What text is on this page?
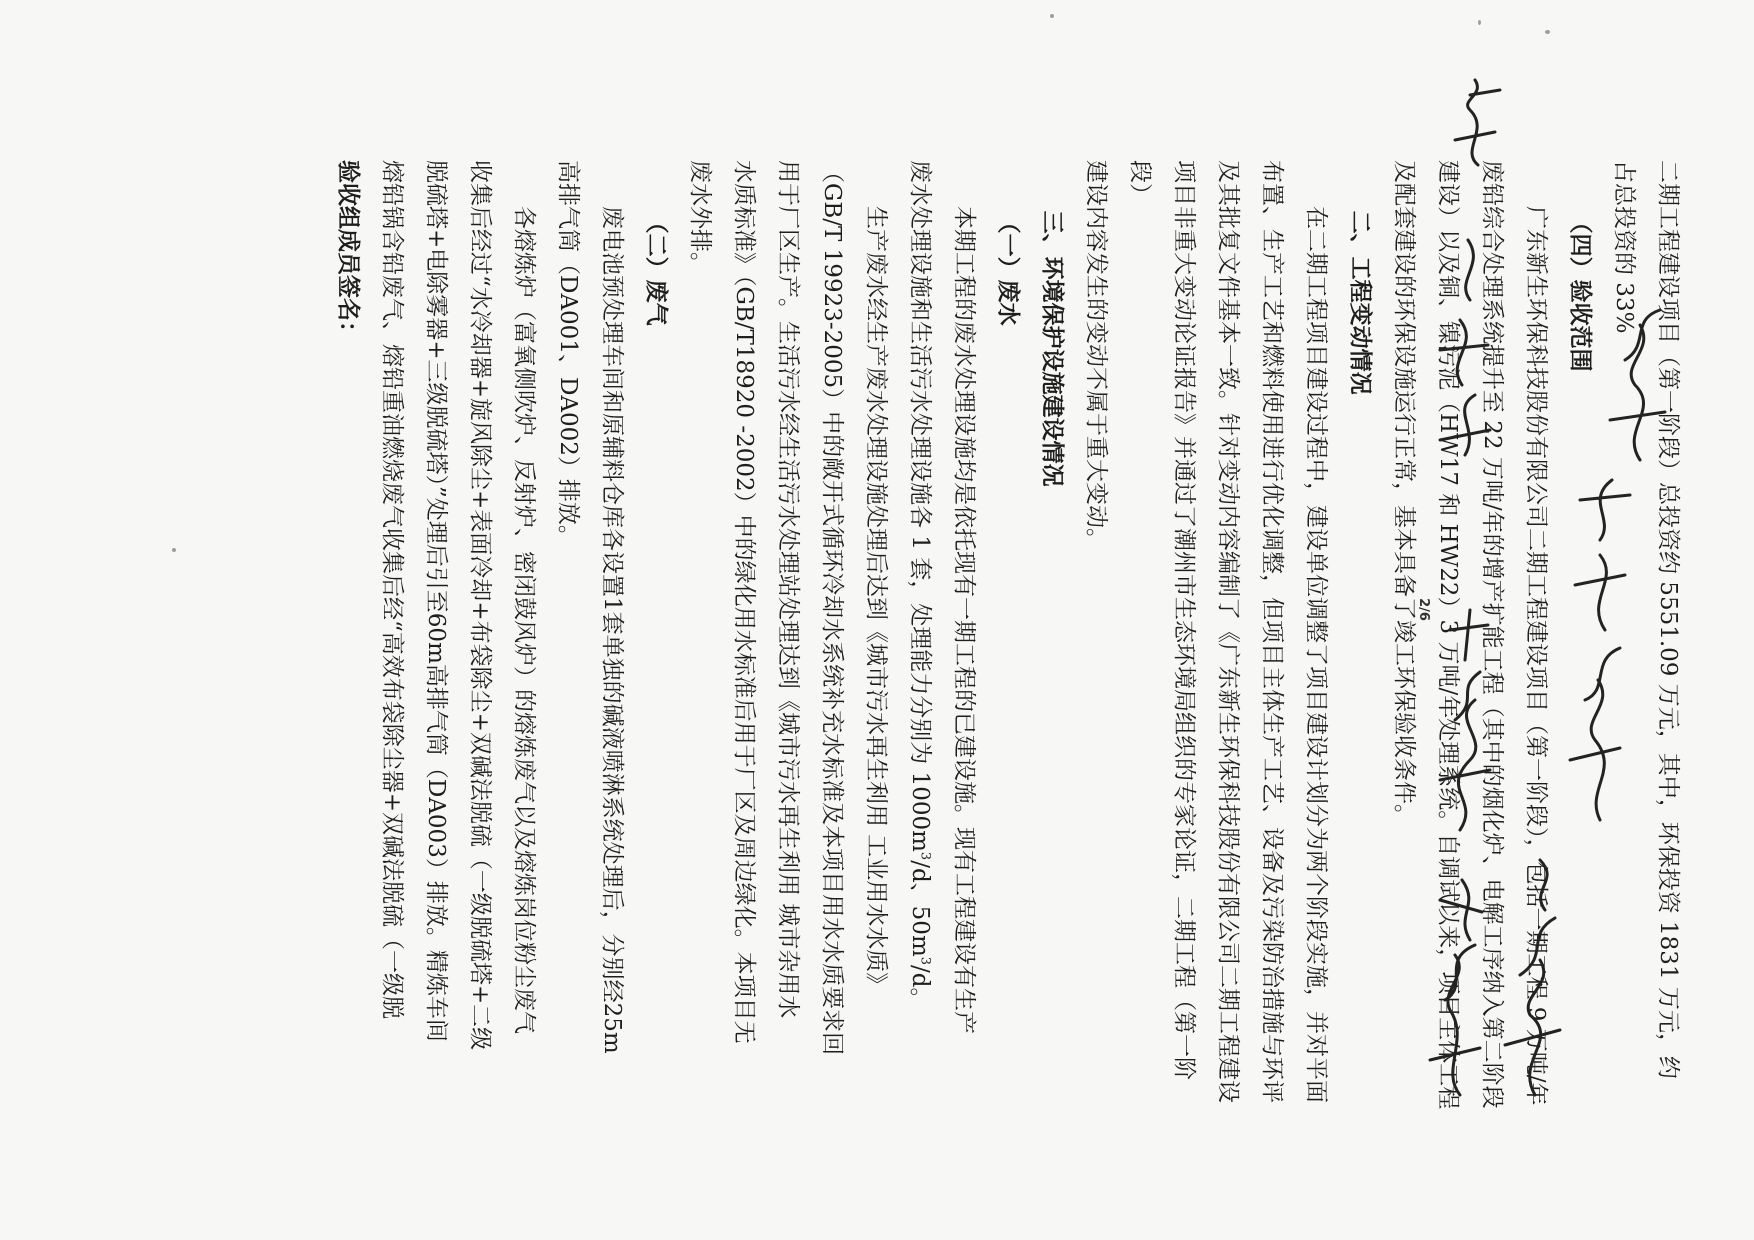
二期工程建设项目（第一阶段）总投资约 5551.09 万元，其中，环保投资 1831 万元，约

占总投资的 33%

（四）验收范围

广东新生环保科技股份有限公司二期工程建设项目（第一阶段），包括一期工程 9 万吨/年

废铅综合处理系统提升至 22 万吨/年的增产扩能工程（其中的烟化炉、电解工序纳入第二阶段

建设）以及铜、镍污泥（HW17 和 HW22）3 万吨/年处理系统。自调试以来，项目主体工程

及配套建设的环保设施运行正常，基本具备了竣工环保验收条件。

二、工程变动情况

在二期工程项目建设过程中，建设单位调整了项目建设计划分为两个阶段实施，并对平面

布置、生产工艺和燃料使用进行优化调整，但项目主体生产工艺、设备及污染防治措施与环评

及其批复文件基本一致。针对变动内容编制了《广东新生环保科技股份有限公司二期工程建设

项目非重大变动论证报告》并通过了潮州市生态环境局组织的专家论证，二期工程（第一阶段）

建设内容发生的变动不属于重大变动。

三、环境保护设施建设情况

（一）废水

本期工程的废水处理设施均是依托现有一期工程的已建设施。现有工程建设有生产

废水处理设施和生活污水处理设施各 1 套，处理能力分别为 $1000m^3/d$、$50m^3/d$。

生产废水经生产废水处理设施处理后达到《城市污水再生利用 工业用水水质》

（GB/T 19923-2005）中的敞开式循环冷却水系统补充水标准及本项目用水水质要求回

用于厂区生产。生活污水经生活污水处理站处理达到《城市污水再生利用 城市杂用水

水质标准》（GB/T18920 -2002）中的绿化用水标准后用于厂区及周边绿化。本项目无

废水外排。

（二）废气

废电池预处理车间和原辅料仓库各设置1套单独的碱液喷淋系统处理后，分别经25m

高排气筒（DA001、DA002）排放。

各熔炼炉（富氧侧吹炉、反射炉、密闭鼓风炉）的熔炼废气以及熔炼岗位粉尘废气

收集后经过“水冷却器+旋风除尘+表面冷却+布袋除尘+双碱法脱硫（一级脱硫塔+二级

脱硫塔+电除雾器+三级脱硫塔）”处理后引至60m高排气筒（DA003）排放。精炼车间

熔铅锅含铅废气、熔铅重油燃烧废气收集后经“高效布袋除尘器+双碱法脱硫（一级脱

验收组成员签名：

2/6
